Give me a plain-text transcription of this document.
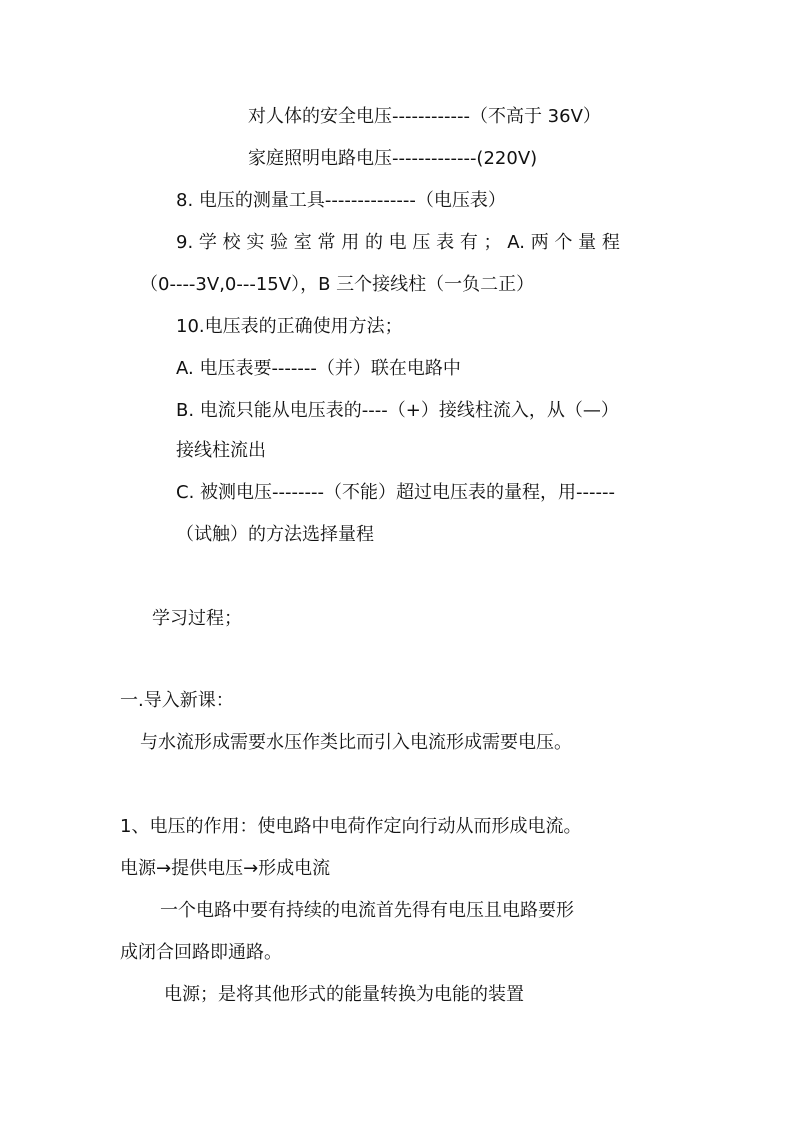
对人体的安全电压------------（不高于 36V）
家庭照明电路电压-------------(220V)
8. 电压的测量工具--------------（电压表）
9. 学 校 实 验 室 常 用 的 电 压 表 有 ； A. 两 个 量 程
（0----3V,0---15V），B 三个接线柱（一负二正）
10.电压表的正确使用方法；
A. 电压表要-------（并）联在电路中
B. 电流只能从电压表的----（+）接线柱流入，从（—）
接线柱流出
C. 被测电压--------（不能）超过电压表的量程，用------
（试触）的方法选择量程
学习过程；
一.导入新课：
与水流形成需要水压作类比而引入电流形成需要电压。
1、电压的作用：使电路中电荷作定向行动从而形成电流。
电源→提供电压→形成电流
一个电路中要有持续的电流首先得有电压且电路要形
成闭合回路即通路。
电源；是将其他形式的能量转换为电能的装置
